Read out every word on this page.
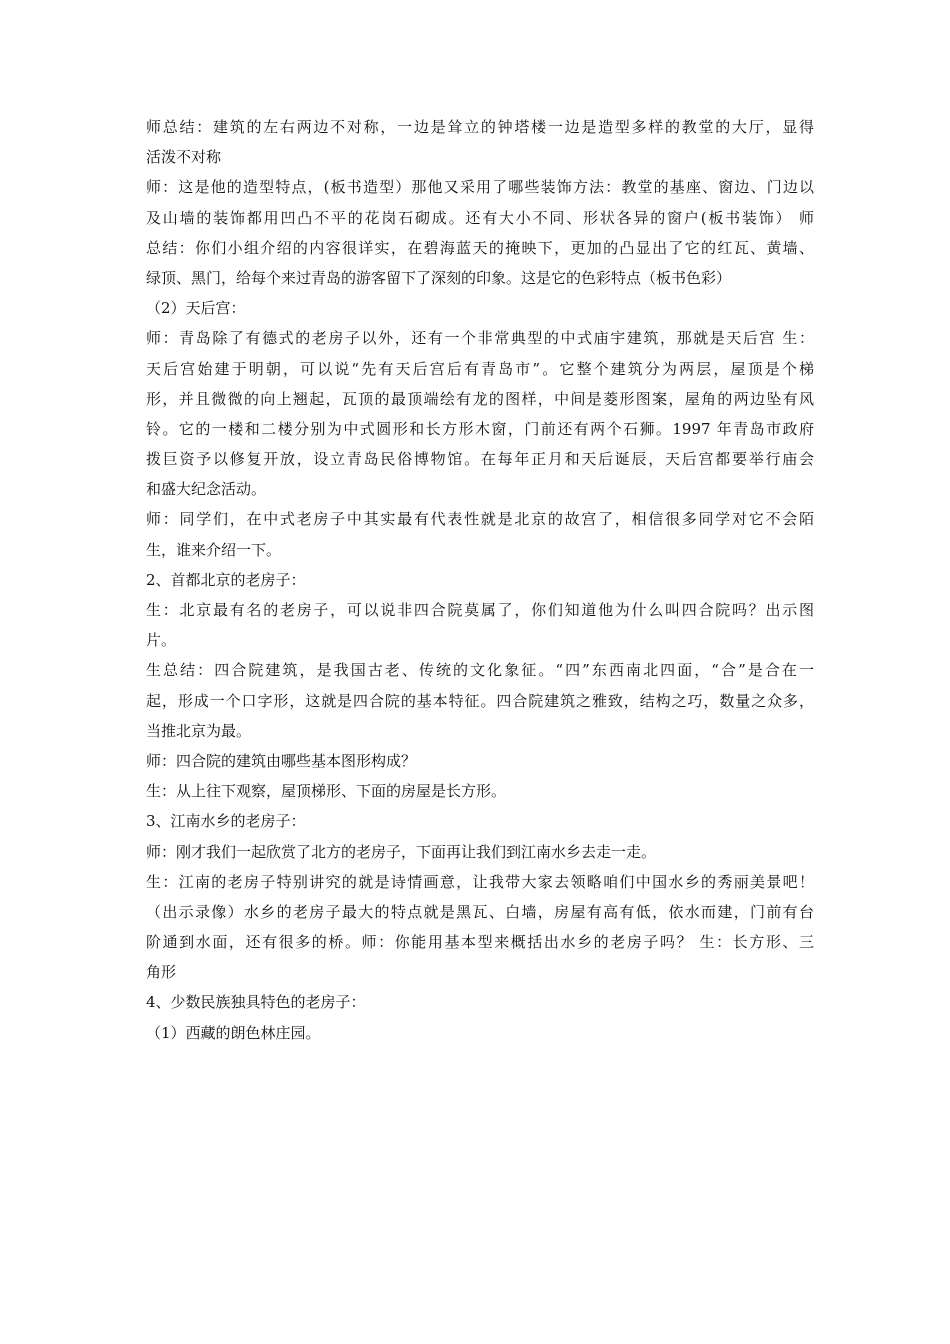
师总结：建筑的左右两边不对称，一边是耸立的钟塔楼一边是造型多样的教堂的大厅，显得
活泼不对称
师：这是他的造型特点，(板书造型）那他又采用了哪些装饰方法：教堂的基座、窗边、门边以
及山墙的装饰都用凹凸不平的花岗石砌成。还有大小不同、形状各异的窗户(板书装饰） 师
总结：你们小组介绍的内容很详实，在碧海蓝天的掩映下，更加的凸显出了它的红瓦、黄墙、
绿顶、黑门，给每个来过青岛的游客留下了深刻的印象。这是它的色彩特点（板书色彩）
（2）天后宫：
师：青岛除了有德式的老房子以外，还有一个非常典型的中式庙宇建筑，那就是天后宫 生：
天后宫始建于明朝，可以说“先有天后宫后有青岛市”。它整个建筑分为两层，屋顶是个梯
形，并且微微的向上翘起，瓦顶的最顶端绘有龙的图样，中间是菱形图案，屋角的两边坠有风
铃。它的一楼和二楼分别为中式圆形和长方形木窗，门前还有两个石狮。1997 年青岛市政府
拨巨资予以修复开放，设立青岛民俗博物馆。在每年正月和天后诞辰，天后宫都要举行庙会
和盛大纪念活动。
师：同学们，在中式老房子中其实最有代表性就是北京的故宫了，相信很多同学对它不会陌
生，谁来介绍一下。
2、首都北京的老房子：
生：北京最有名的老房子，可以说非四合院莫属了，你们知道他为什么叫四合院吗？出示图
片。
生总结：四合院建筑，是我国古老、传统的文化象征。“四”东西南北四面，“合”是合在一
起，形成一个口字形，这就是四合院的基本特征。四合院建筑之雅致，结构之巧，数量之众多，
当推北京为最。
师：四合院的建筑由哪些基本图形构成？
生：从上往下观察，屋顶梯形、下面的房屋是长方形。
3、江南水乡的老房子：
师：刚才我们一起欣赏了北方的老房子，下面再让我们到江南水乡去走一走。
生：江南的老房子特别讲究的就是诗情画意，让我带大家去领略咱们中国水乡的秀丽美景吧！
（出示录像）水乡的老房子最大的特点就是黑瓦、白墙，房屋有高有低，依水而建，门前有台
阶通到水面，还有很多的桥。师：你能用基本型来概括出水乡的老房子吗？ 生：长方形、三
角形
4、少数民族独具特色的老房子：
（1）西藏的朗色林庄园。
